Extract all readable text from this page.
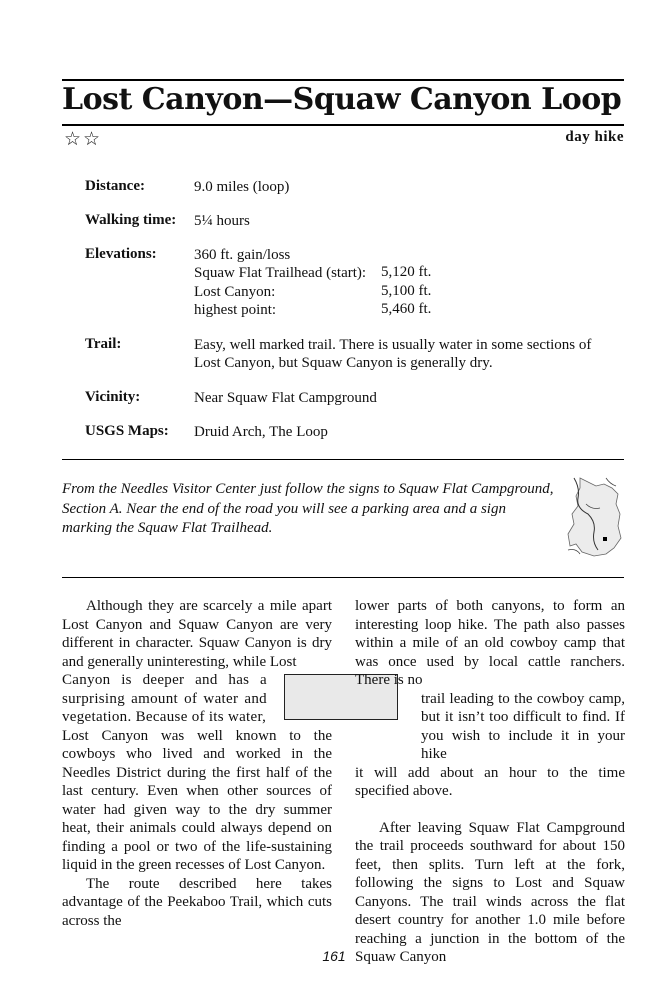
Lost Canyon—Squaw Canyon Loop
☆☆	day hike
Distance:	9.0 miles (loop)
Walking time: 5¼ hours
Elevations: 360 ft. gain/loss
Squaw Flat Trailhead (start): 5,120 ft.
Lost Canyon:	5,100 ft.
highest point:	5,460 ft.
Trail:	Easy, well marked trail. There is usually water in some sections of Lost Canyon, but Squaw Canyon is generally dry.
Vicinity:	Near Squaw Flat Campground
USGS Maps: Druid Arch, The Loop
From the Needles Visitor Center just follow the signs to Squaw Flat Campground, Section A. Near the end of the road you will see a parking area and a sign marking the Squaw Flat Trailhead.

Although they are scarcely a mile apart Lost Canyon and Squaw Canyon are very different in character. Squaw Canyon is dry and generally uninteresting, while Lost

Canyon is deeper and has a surprising amount of water and vegetation. Because of its water,

Lost Canyon was well known to the cowboys who lived and worked in the Needles District during the first half of the last century. Even when other sources of water had given way to the dry summer heat, their animals could always depend on finding a pool or two of the life-sustaining liquid in the green recesses of Lost Canyon.

The route described here takes advantage of the Peekaboo Trail, which cuts across the

lower parts of both canyons, to form an interesting loop hike. The path also passes within a mile of an old cowboy camp that was once used by local cattle ranchers. There is no

trail leading to the cowboy camp, but it isn’t too difficult to find. If you wish to include it in your hike

it will add about an hour to the time specified above.

After leaving Squaw Flat Campground the trail proceeds southward for about 150 feet, then splits. Turn left at the fork, following the signs to Lost and Squaw Canyons. The trail winds across the flat desert country for another 1.0 mile before reaching a junction in the bottom of the Squaw Canyon

161
